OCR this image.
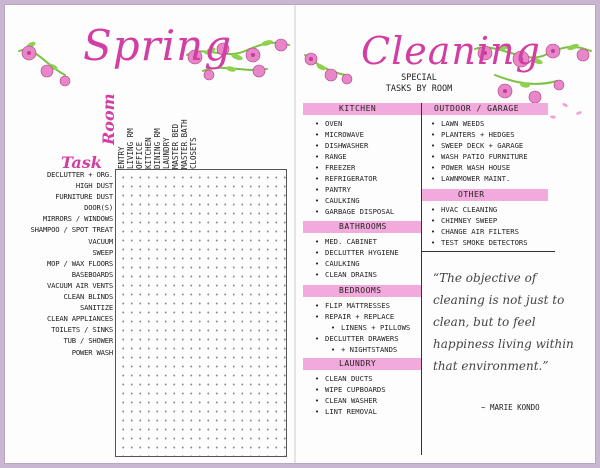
Spring	Cleaning
SPECIAL
TASKS BY ROOM
Room
ENTRY LIVING RM OFFICE KITCHEN DINING RM LAUNDRY MASTER BED MASTER BATH CLOSETS
Task
DECLUTTER + ORG.
HIGH DUST
FURNITURE DUST
DOOR(S)
MIRRORS / WINDOWS
SHAMPOO / SPOT TREAT
VACUUM
SWEEP
MOP / WAX FLOORS
BASEBOARDS
VACUUM AIR VENTS
CLEAN BLINDS
SANITIZE
CLEAN APPLIANCES
TOILETS / SINKS
TUB / SHOWER
POWER WASH
KITCHEN
• OVEN
• MICROWAVE
• DISHWASHER
• RANGE
• FREEZER
• REFRIGERATOR
• PANTRY
• CAULKING
• GARBAGE DISPOSAL
BATHROOMS
• MED. CABINET
• DECLUTTER HYGIENE
• CAULKING
• CLEAN DRAINS
BEDROOMS
• FLIP MATTRESSES
• REPAIR + REPLACE
• LINENS + PILLOWS
• DECLUTTER DRAWERS
• + NIGHTSTANDS
LAUNDRY
• CLEAN DUCTS
• WIPE CUPBOARDS
• CLEAN WASHER
• LINT REMOVAL
OUTDOOR / GARAGE
• LAWN WEEDS
• PLANTERS + HEDGES
• SWEEP DECK + GARAGE
• WASH PATIO FURNITURE
• POWER WASH HOUSE
• LAWNMOWER MAINT.
OTHER
• HVAC CLEANING
• CHIMNEY SWEEP
• CHANGE AIR FILTERS
• TEST SMOKE DETECTORS

“The objective of cleaning is not just to clean, but to feel happiness living within that environment.”

~ MARIE KONDO
